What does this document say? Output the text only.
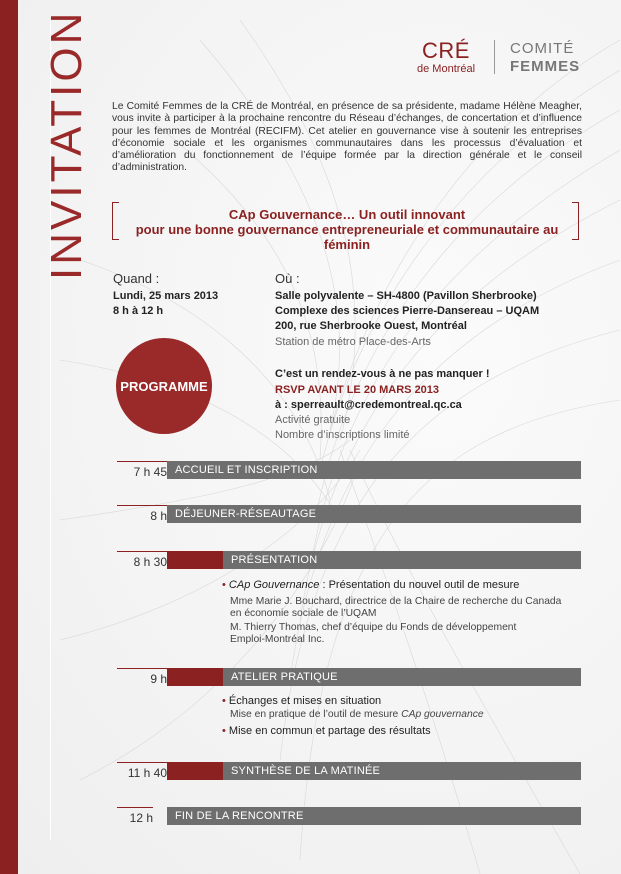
INVITATION	CRÉ
de Montréal
COMITÉ
FEMMES
Le Comité Femmes de la CRÉ de Montréal, en présence de sa présidente, madame Hélène Meagher, vous invite à participer à la prochaine rencontre du Réseau d’échanges, de concertation et d’influence pour les femmes de Montréal (RECIFM). Cet atelier en gouvernance vise à soutenir les entreprises d’économie sociale et les organismes communautaires dans les processus d’évaluation et d’amélioration du fonctionnement de l’équipe formée par la direction générale et le conseil d’administration.
CAp Gouvernance… Un outil innovant
pour une bonne gouvernance entrepreneuriale et communautaire au féminin
Quand :
Lundi, 25 mars 2013
8 h à 12 h
Où :
Salle polyvalente – SH-4800 (Pavillon Sherbrooke)
Complexe des sciences Pierre-Dansereau – UQAM
200, rue Sherbrooke Ouest, Montréal
Station de métro Place-des-Arts
PROGRAMME
C’est un rendez-vous à ne pas manquer !
RSVP AVANT LE 20 MARS 2013
à : sperreault@credemontreal.qc.ca
Activité gratuite
Nombre d’inscriptions limité
7 h 45 ACCUEIL ET INSCRIPTION
8 h DÉJEUNER-RÉSEAUTAGE
8 h 30	PRÉSENTATION
• CAp Gouvernance : Présentation du nouvel outil de mesure
Mme Marie J. Bouchard, directrice de la Chaire de recherche du Canada
en économie sociale de l’UQAM
M. Thierry Thomas, chef d’équipe du Fonds de développement
Emploi-Montréal Inc.
9 h	ATELIER PRATIQUE
• Échanges et mises en situation
Mise en pratique de l’outil de mesure CAp gouvernance
• Mise en commun et partage des résultats
11 h 40	SYNTHÈSE DE LA MATINÉE
12 h	FIN DE LA RENCONTRE
